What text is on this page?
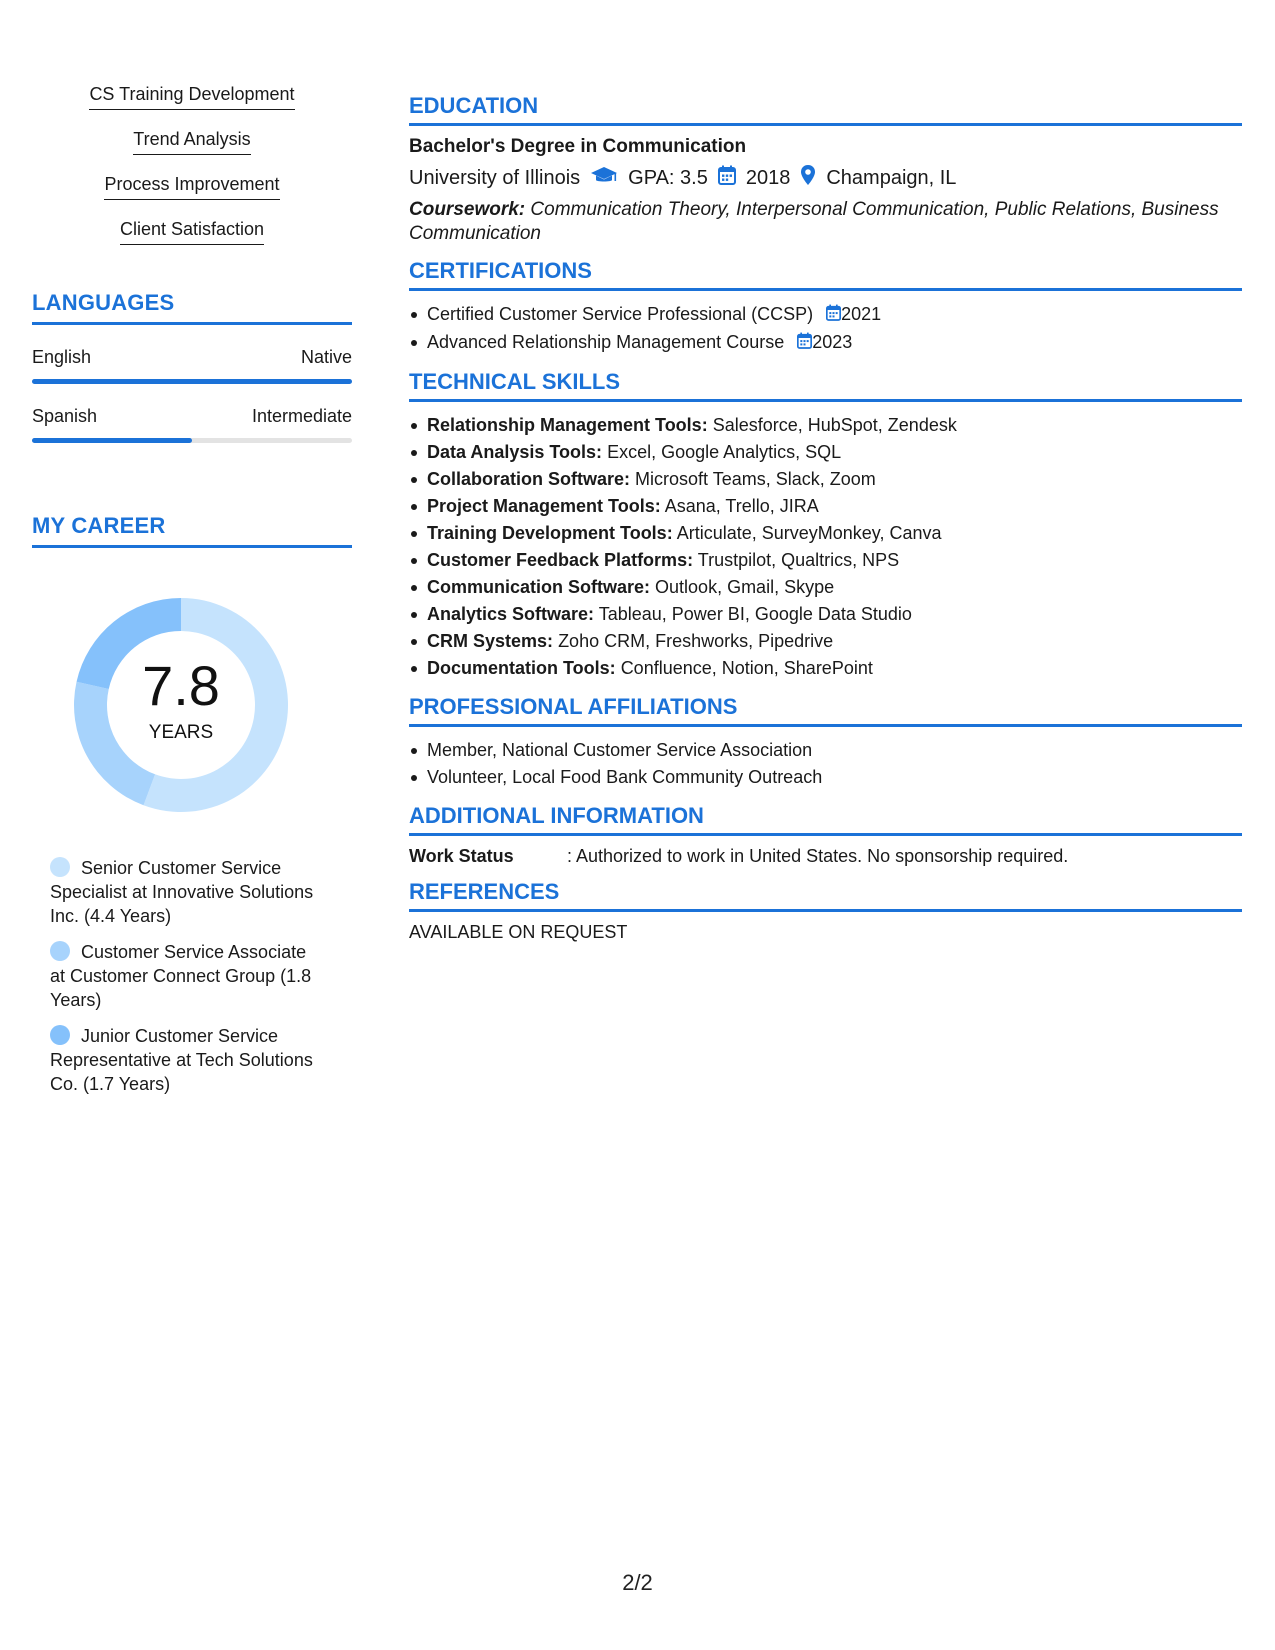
CS Training Development
Trend Analysis
Process Improvement
Client Satisfaction
LANGUAGES
English	Native
Spanish	Intermediate
MY CAREER
7.8
YEARS
Senior Customer Service Specialist at Innovative Solutions Inc. (4.4 Years)
Customer Service Associate at Customer Connect Group (1.8 Years)
Junior Customer Service Representative at Tech Solutions Co. (1.7 Years)
EDUCATION
Bachelor's Degree in Communication
University of Illinois GPA: 3.5 2018 Champaign, IL
Coursework: Communication Theory, Interpersonal Communication, Public Relations, Business Communication
CERTIFICATIONS
Certified Customer Service Professional (CCSP) 2021
Advanced Relationship Management Course 2023
TECHNICAL SKILLS
Relationship Management Tools: Salesforce, HubSpot, Zendesk
Data Analysis Tools: Excel, Google Analytics, SQL
Collaboration Software: Microsoft Teams, Slack, Zoom
Project Management Tools: Asana, Trello, JIRA
Training Development Tools: Articulate, SurveyMonkey, Canva
Customer Feedback Platforms: Trustpilot, Qualtrics, NPS
Communication Software: Outlook, Gmail, Skype
Analytics Software: Tableau, Power BI, Google Data Studio
CRM Systems: Zoho CRM, Freshworks, Pipedrive
Documentation Tools: Confluence, Notion, SharePoint
PROFESSIONAL AFFILIATIONS
Member, National Customer Service Association
Volunteer, Local Food Bank Community Outreach
ADDITIONAL INFORMATION
Work Status	: Authorized to work in United States. No sponsorship required.
REFERENCES
AVAILABLE ON REQUEST
2/2
